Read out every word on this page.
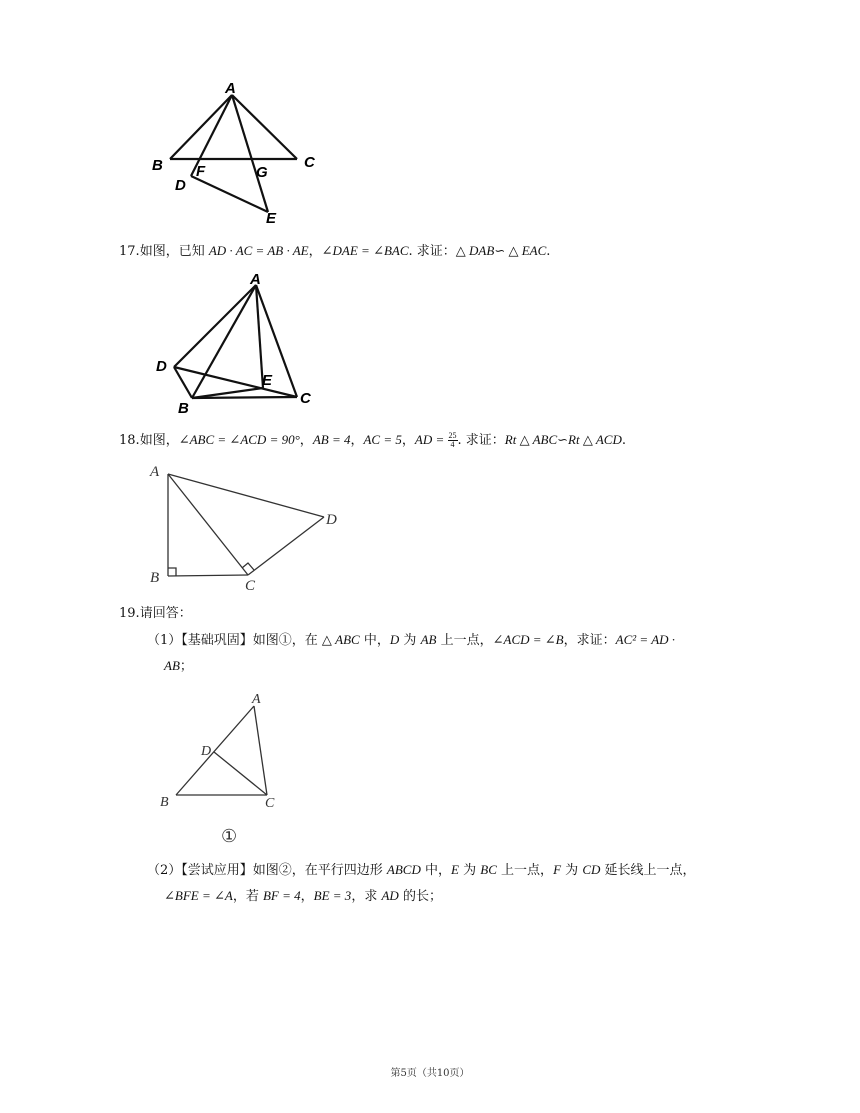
A
B	C
D
F	G
E
17.如图，已知 AD · AC = AB · AE，∠DAE = ∠BAC. 求证：△ DAB∽ △ EAC.
A
D
B
C
E
18.如图，∠ABC = ∠ACD = 90°，AB = 4，AC = 5，AD = $\frac{25}{4}$ . 求证：Rt △ ABC∽Rt △ ACD.
A
B	C
D
19.请回答：
（1）【基础巩固】如图①，在 △ ABC 中，D 为 AB 上一点，∠ACD = ∠B，求证：AC² = AD ·
AB；
A
D
B	C
①
（2）【尝试应用】如图②，在平行四边形 ABCD 中，E 为 BC 上一点，F 为 CD 延长线上一点，
∠BFE = ∠A，若 BF = 4，BE = 3，求 AD 的长；
第5页（共10页）
